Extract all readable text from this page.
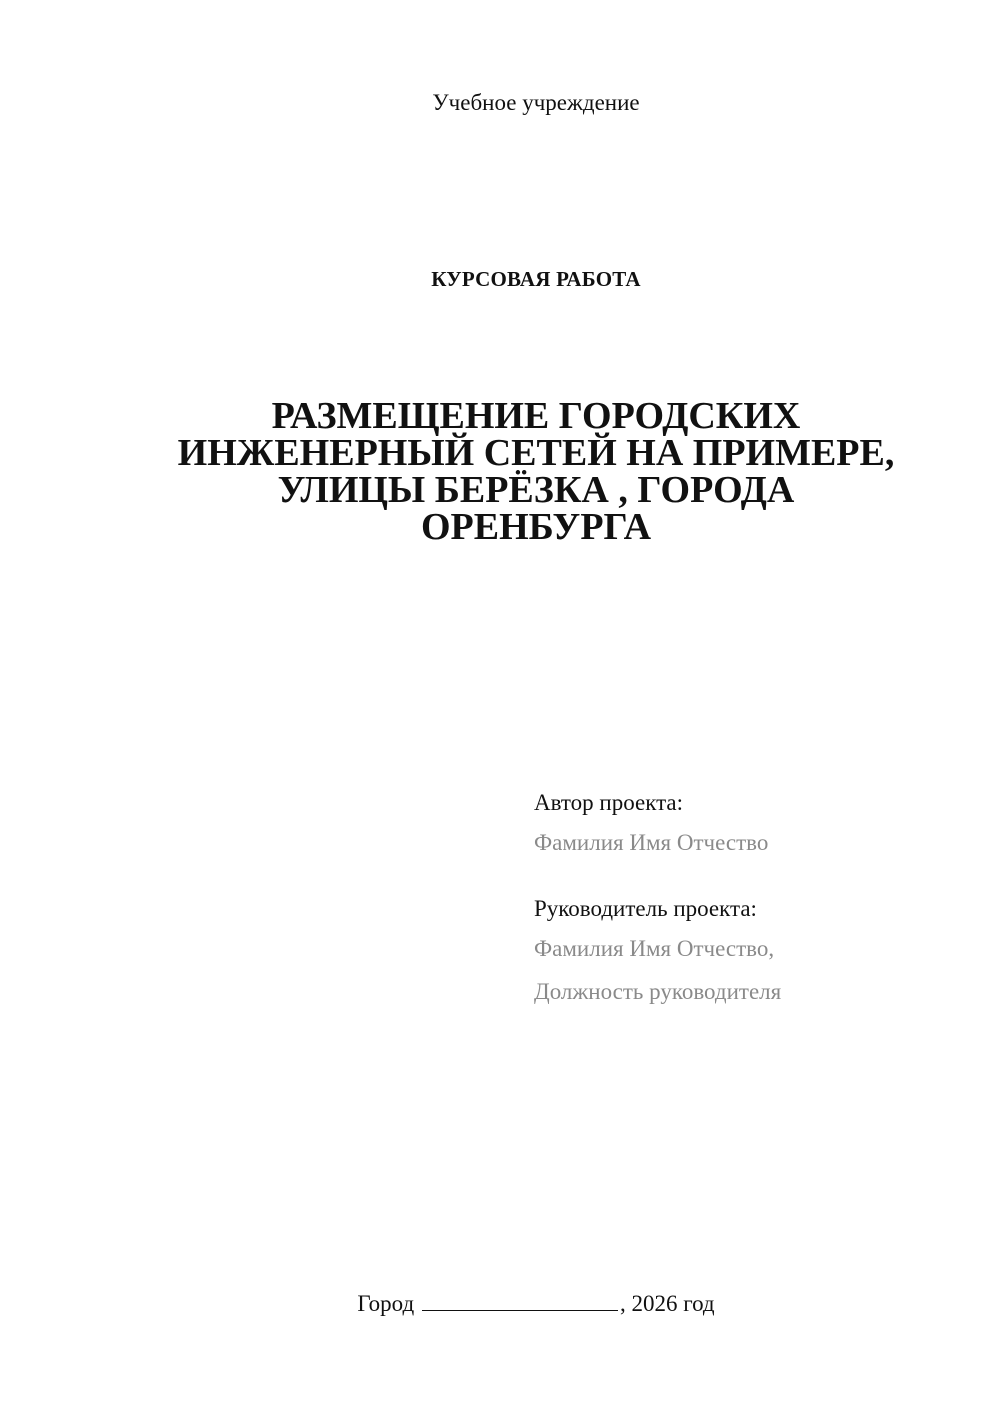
Учебное учреждение
КУРСОВАЯ РАБОТА
РАЗМЕЩЕНИЕ ГОРОДСКИХ
ИНЖЕНЕРНЫЙ СЕТЕЙ НА ПРИМЕРЕ,
УЛИЦЫ БЕРЁЗКА , ГОРОДА
ОРЕНБУРГА
Автор проекта:
Фамилия Имя Отчество
Руководитель проекта:
Фамилия Имя Отчество,
Должность руководителя
Город	, 2026 год
